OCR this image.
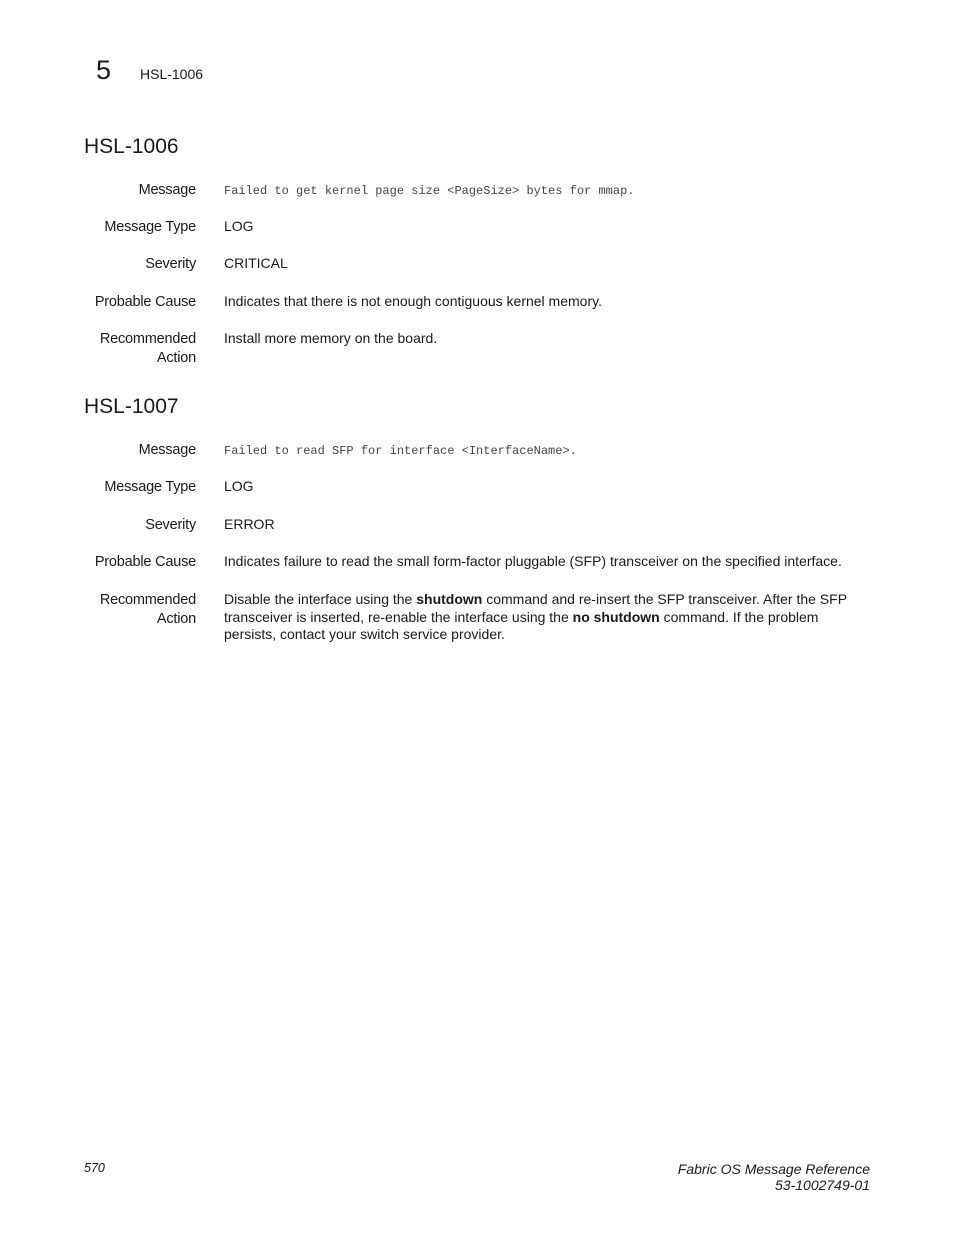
5 HSL-1006
HSL-1006
Message Failed to get kernel page size <PageSize> bytes for mmap.
Message Type LOG
Severity CRITICAL
Probable Cause Indicates that there is not enough contiguous kernel memory.
Recommended
Action
Install more memory on the board.
HSL-1007
Message Failed to read SFP for interface <InterfaceName>.
Message Type LOG
Severity ERROR
Probable Cause Indicates failure to read the small form-factor pluggable (SFP) transceiver on the specified interface.
Recommended
Action
Disable the interface using the shutdown command and re-insert the SFP transceiver. After the SFP transceiver is inserted, re-enable the interface using the no shutdown command. If the problem persists, contact your switch service provider.
570	Fabric OS Message Reference
53-1002749-01
